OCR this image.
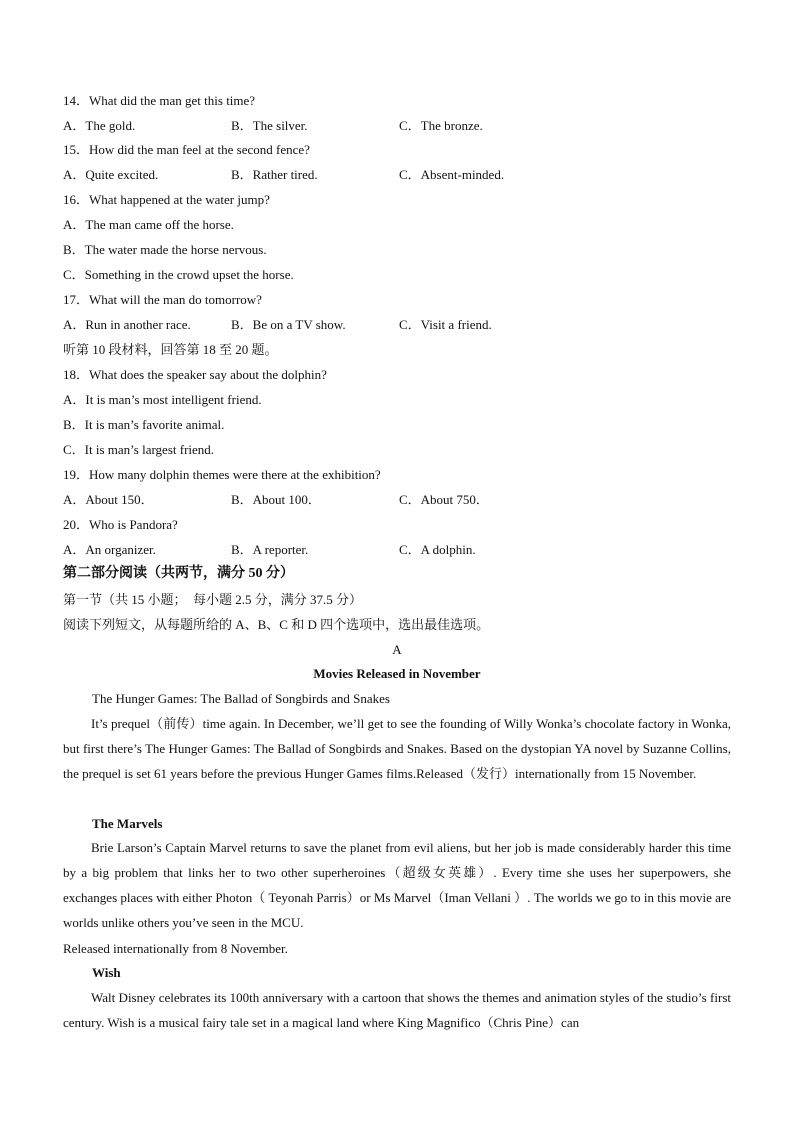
14．What did the man get this time?
A．The gold.	B．The silver.	C．The bronze.
15．How did the man feel at the second fence?
A．Quite excited.	B．Rather tired.	C．Absent-minded.
16．What happened at the water jump?
A．The man came off the horse.
B．The water made the horse nervous.
C．Something in the crowd upset the horse.
17．What will the man do tomorrow?
A．Run in another race.	B．Be on a TV show.	C．Visit a friend.
听第 10 段材料，回答第 18 至 20 题。
18．What does the speaker say about the dolphin?
A．It is man’s most intelligent friend.
B．It is man’s favorite animal.
C．It is man’s largest friend.
19．How many dolphin themes were there at the exhibition?
A．About 150．	B．About 100．	C．About 750．
20．Who is Pandora?
A．An organizer.	B．A reporter.	C．A dolphin.
第二部分阅读（共两节，满分 50 分）
第一节（共 15 小题；　每小题 2.5 分，满分 37.5 分）
阅读下列短文，从每题所给的 A、B、C 和 D 四个选项中，选出最佳选项。
A
Movies Released in November
The Hunger Games: The Ballad of Songbirds and Snakes
It’s prequel（前传）time again. In December, we’ll get to see the founding of Willy Wonka’s chocolate factory in Wonka, but first there’s The Hunger Games: The Ballad of Songbirds and Snakes. Based on the dystopian YA novel by Suzanne Collins, the prequel is set 61 years before the previous Hunger Games films.Released（发行）internationally from 15 November.
The Marvels
Brie Larson’s Captain Marvel returns to save the planet from evil aliens, but her job is made considerably harder this time by a big problem that links her to two other superheroines（超级女英雄）. Every time she uses her superpowers, she exchanges places with either Photon（ Teyonah Parris）or Ms Marvel（Iman Vellani ）. The worlds we go to in this movie are worlds unlike others you’ve seen in the MCU.
Released internationally from 8 November.
Wish
Walt Disney celebrates its 100th anniversary with a cartoon that shows the themes and animation styles of the studio’s first century. Wish is a musical fairy tale set in a magical land where King Magnifico（Chris Pine）can
